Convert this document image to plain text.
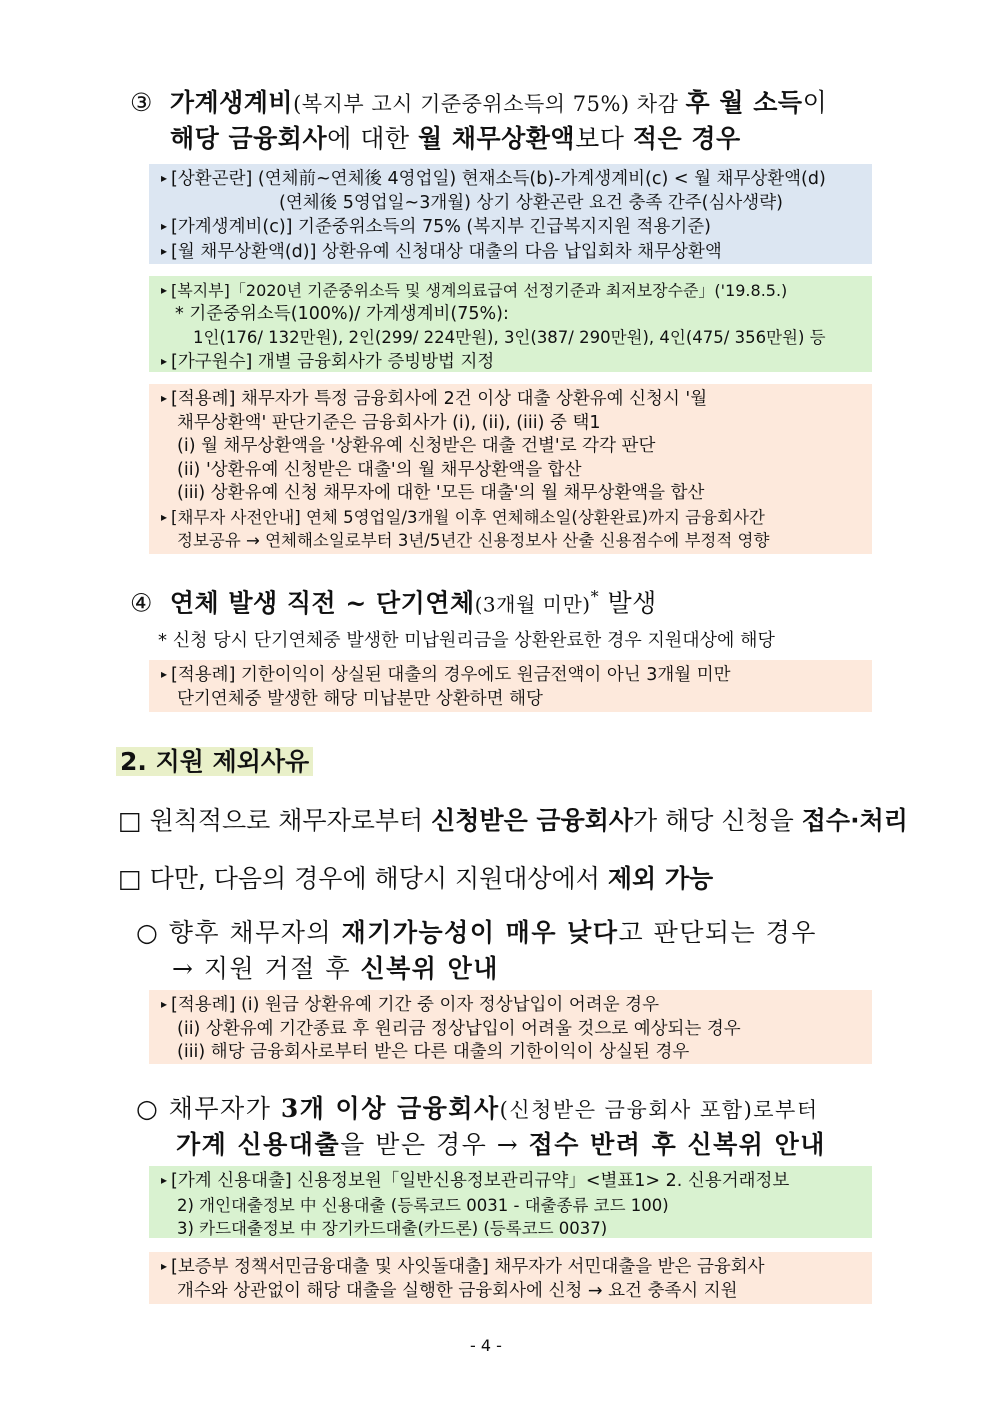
③ 가계생계비(복지부 고시 기준중위소득의 75%) 차감 후 월 소득이
해당 금융회사에 대한 월 채무상환액보다 적은 경우
▸ [상환곤란] (연체前~연체後 4영업일) 현재소득(b)-가계생계비(c) < 월 채무상환액(d)
(연체後 5영업일~3개월) 상기 상환곤란 요건 충족 간주(심사생략)
▸ [가계생계비(c)] 기준중위소득의 75% (복지부 긴급복지지원 적용기준)
▸ [월 채무상환액(d)] 상환유예 신청대상 대출의 다음 납입회차 채무상환액
▸ [복지부]「2020년 기준중위소득 및 생계의료급여 선정기준과 최저보장수준」('19.8.5.)
* 기준중위소득(100%)/ 가계생계비(75%):
1인(176/ 132만원), 2인(299/ 224만원), 3인(387/ 290만원), 4인(475/ 356만원) 등
▸ [가구원수] 개별 금융회사가 증빙방법 지정
▸ [적용례] 채무자가 특정 금융회사에 2건 이상 대출 상환유예 신청시 '월
채무상환액' 판단기준은 금융회사가 (i), (ii), (iii) 중 택1
(i) 월 채무상환액을 '상환유예 신청받은 대출 건별'로 각각 판단
(ii) '상환유예 신청받은 대출'의 월 채무상환액을 합산
(iii) 상환유예 신청 채무자에 대한 '모든 대출'의 월 채무상환액을 합산
▸ [채무자 사전안내] 연체 5영업일/3개월 이후 연체해소일(상환완료)까지 금융회사간
정보공유 → 연체해소일로부터 3년/5년간 신용정보사 산출 신용점수에 부정적 영향
④ 연체 발생 직전 ~ 단기연체(3개월 미만)* 발생
* 신청 당시 단기연체중 발생한 미납원리금을 상환완료한 경우 지원대상에 해당
▸ [적용례] 기한이익이 상실된 대출의 경우에도 원금전액이 아닌 3개월 미만
단기연체중 발생한 해당 미납분만 상환하면 해당
2. 지원 제외사유
□ 원칙적으로 채무자로부터 신청받은 금융회사가 해당 신청을 접수·처리
□ 다만, 다음의 경우에 해당시 지원대상에서 제외 가능
○ 향후 채무자의 재기가능성이 매우 낮다고 판단되는 경우
→ 지원 거절 후 신복위 안내
▸ [적용례] (i) 원금 상환유예 기간 중 이자 정상납입이 어려운 경우
(ii) 상환유예 기간종료 후 원리금 정상납입이 어려울 것으로 예상되는 경우
(iii) 해당 금융회사로부터 받은 다른 대출의 기한이익이 상실된 경우
○ 채무자가 3개 이상 금융회사(신청받은 금융회사 포함)로부터
가계 신용대출을 받은 경우 → 접수 반려 후 신복위 안내
▸ [가계 신용대출] 신용정보원「일반신용정보관리규약」<별표1> 2. 신용거래정보
2) 개인대출정보 中 신용대출 (등록코드 0031 - 대출종류 코드 100)
3) 카드대출정보 中 장기카드대출(카드론) (등록코드 0037)
▸ [보증부 정책서민금융대출 및 사잇돌대출] 채무자가 서민대출을 받은 금융회사
개수와 상관없이 해당 대출을 실행한 금융회사에 신청 → 요건 충족시 지원
- 4 -
